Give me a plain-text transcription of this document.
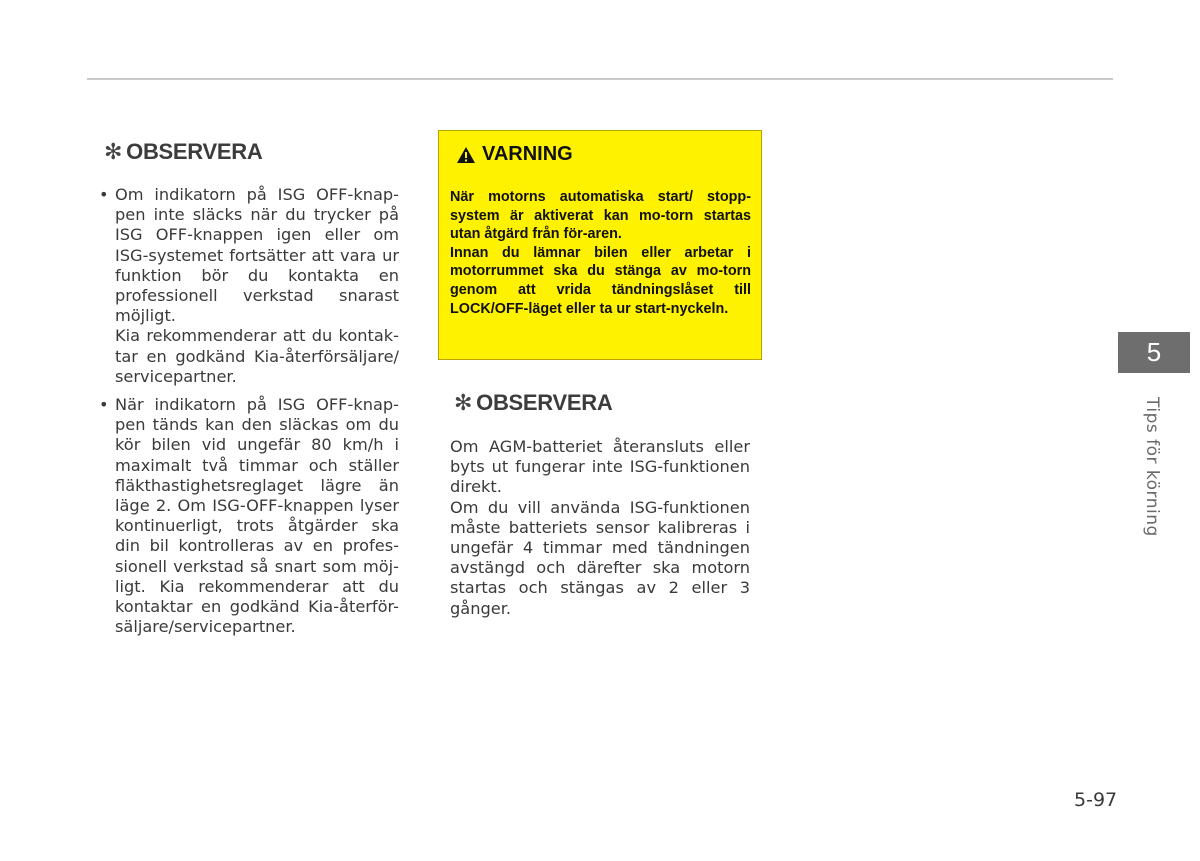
✻ OBSERVERA
• Om indikatorn på ISG OFF-knap-pen inte släcks när du trycker på ISG OFF-knappen igen eller om ISG-systemet fortsätter att vara ur funktion bör du kontakta en professionell verkstad snarast möjligt.

Kia rekommenderar att du kontak-tar en godkänd Kia-återförsäljare/ servicepartner.

• När indikatorn på ISG OFF-knap-pen tänds kan den släckas om du kör bilen vid ungefär 80 km/h i maximalt två timmar och ställer fläkthastighetsreglaget lägre än läge 2. Om ISG-OFF-knappen lyser kontinuerligt, trots åtgärder ska din bil kontrolleras av en profes-sionell verkstad så snart som möj-ligt. Kia rekommenderar att du kontaktar en godkänd Kia-återför-säljare/servicepartner.

VARNING

När motorns automatiska start/ stopp-system är aktiverat kan mo-torn startas utan åtgärd från för-aren.

Innan du lämnar bilen eller arbetar i motorrummet ska du stänga av mo-torn genom att vrida tändningslåset till LOCK/OFF-läget eller ta ur start-nyckeln.

✻ OBSERVERA

Om AGM-batteriet återansluts eller byts ut fungerar inte ISG-funktionen direkt.

Om du vill använda ISG-funktionen måste batteriets sensor kalibreras i ungefär 4 timmar med tändningen avstängd och därefter ska motorn startas och stängas av 2 eller 3 gånger.

5
Tips för körning
5-97
